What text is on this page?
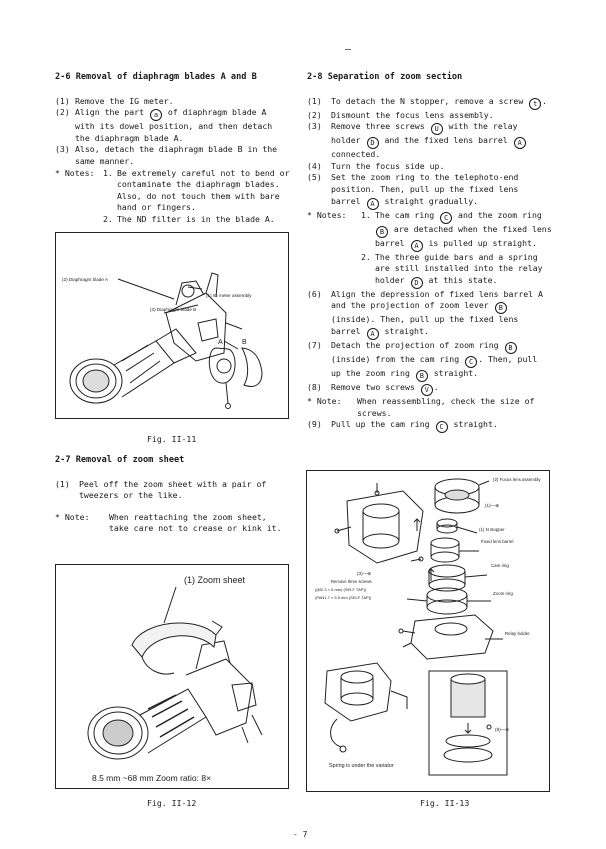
—

2-6 Removal of diaphragm blades A and B

(1) Remove the IG meter.
(2) Align the part a of diaphragm blade A with its dowel position, and then detach the diaphragm blade A.
(3) Also, detach the diaphragm blade B in the same manner.
* Notes:	1. Be extremely careful not to bend or contaminate the diaphragm blades. Also, do not touch them with bare hand or fingers.
2. The ND filter is in the blade A.
(2) Diaphragm blade A
(1) IG meter assembly
(3) Diaphragm blade B
A	B
Fig. II-11

2-7 Removal of zoom sheet

(1)	Peel off the zoom sheet with a pair of tweezers or the like.
* Note:	When reattaching the zoom sheet, take care not to crease or kink it.
(1) Zoom sheet
8.5 mm ~68 mm Zoom ratio: 8×
Fig. II-12

2-8 Separation of zoom section

(1)	To detach the N stopper, remove a screw t .
(2)	Dismount the focus lens assembly.
(3)	Remove three screws U with the relay holder D and the fixed lens barrel A connected.
(4)	Turn the focus side up.
(5)	Set the zoom ring to the telephoto-end position. Then, pull up the fixed lens barrel A straight gradually.
* Notes:	1. The cam ring C and the zoom ring B are detached when the fixed lens barrel A is pulled up straight.
2. The three guide bars and a spring are still installed into the relay holder D at this state.
(6)	Align the depression of fixed lens barrel A and the projection of zoom lever B (inside). Then, pull up the fixed lens barrel A straight.
(7)	Detach the projection of zoom ring B (inside) from the cam ring C . Then, pull up the zoom ring B straight.
(8)	Remove two screws V .
* Note:	When reassembling, check the size of screws.
(9)	Pull up the cam ring C straight.
(2) Focus lens assembly
(1)—⊕
(1) N stopper
Fixed lens barrel
Cam ring
Zoom ring
Relay holder
(3)—⊕
Remove three screws.
((M2.3 × 5 mm) (SELF TAP))
(PAN1.7 × 5.5 mm (SELF TAP))
(8)—⊕
Spring is under the variator
Fig. II-13
- 7
